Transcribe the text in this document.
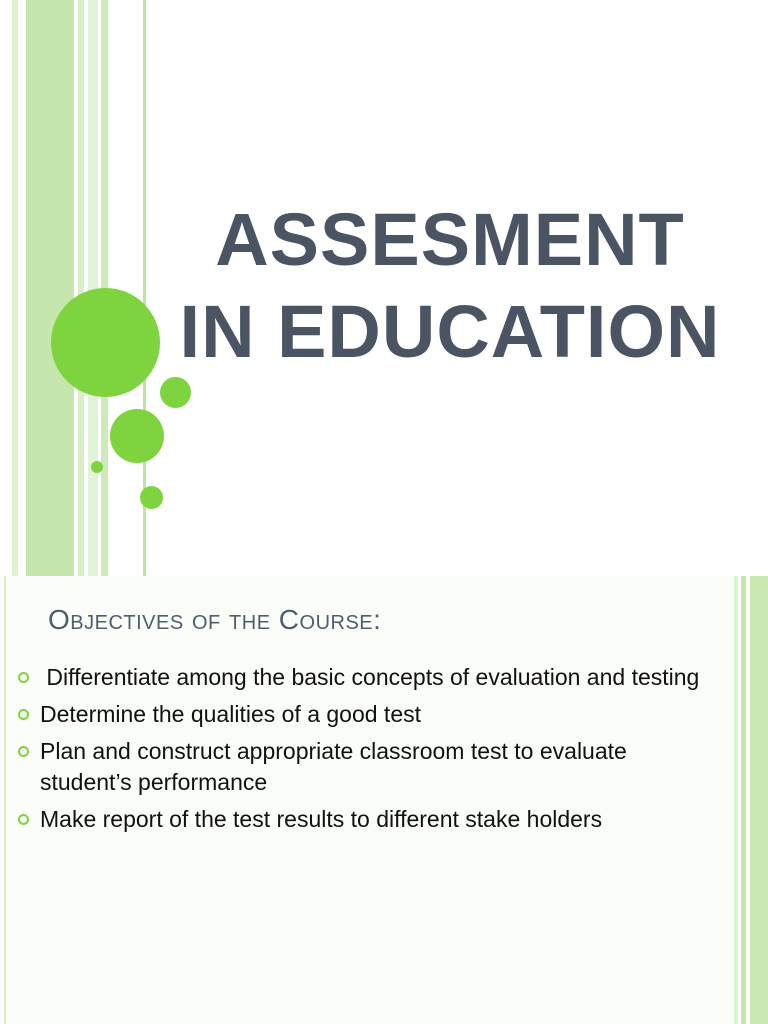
ASSESMENT
IN EDUCATION
Objectives of the Course:
Differentiate among the basic concepts of evaluation and testing
Determine the qualities of a good test
Plan and construct appropriate classroom test to evaluate student’s performance
Make report of the test results to different stake holders
